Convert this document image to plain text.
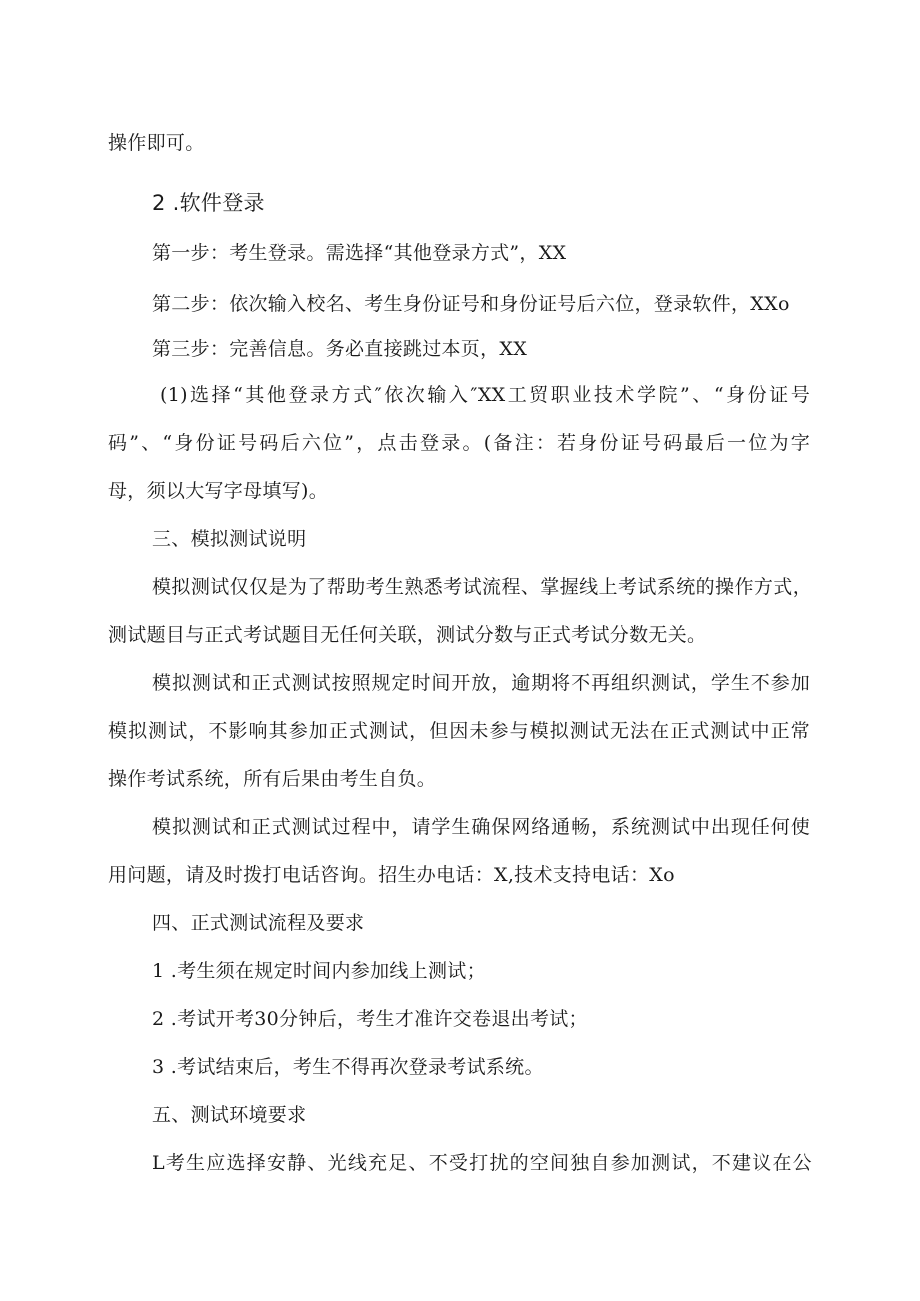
操作即可。
2 .软件登录
第一步：考生登录。需选择“其他登录方式”，XX
第二步：依次输入校名、考生身份证号和身份证号后六位，登录软件，XXo
第三步：完善信息。务必直接跳过本页，XX
(1)选择“其他登录方式″依次输入″XX工贸职业技术学院”、“身份证号
码”、“身份证号码后六位”，点击登录。(备注：若身份证号码最后一位为字
母，须以大写字母填写)。
三、模拟测试说明
模拟测试仅仅是为了帮助考生熟悉考试流程、掌握线上考试系统的操作方式，
测试题目与正式考试题目无任何关联，测试分数与正式考试分数无关。
模拟测试和正式测试按照规定时间开放，逾期将不再组织测试，学生不参加
模拟测试，不影响其参加正式测试，但因未参与模拟测试无法在正式测试中正常
操作考试系统，所有后果由考生自负。
模拟测试和正式测试过程中，请学生确保网络通畅，系统测试中出现任何使
用问题，请及时拨打电话咨询。招生办电话：X,技术支持电话：Xo
四、正式测试流程及要求
1 .考生须在规定时间内参加线上测试；
2 .考试开考30分钟后，考生才准许交卷退出考试；
3 .考试结束后，考生不得再次登录考试系统。
五、测试环境要求
L考生应选择安静、光线充足、不受打扰的空间独自参加测试，不建议在公
